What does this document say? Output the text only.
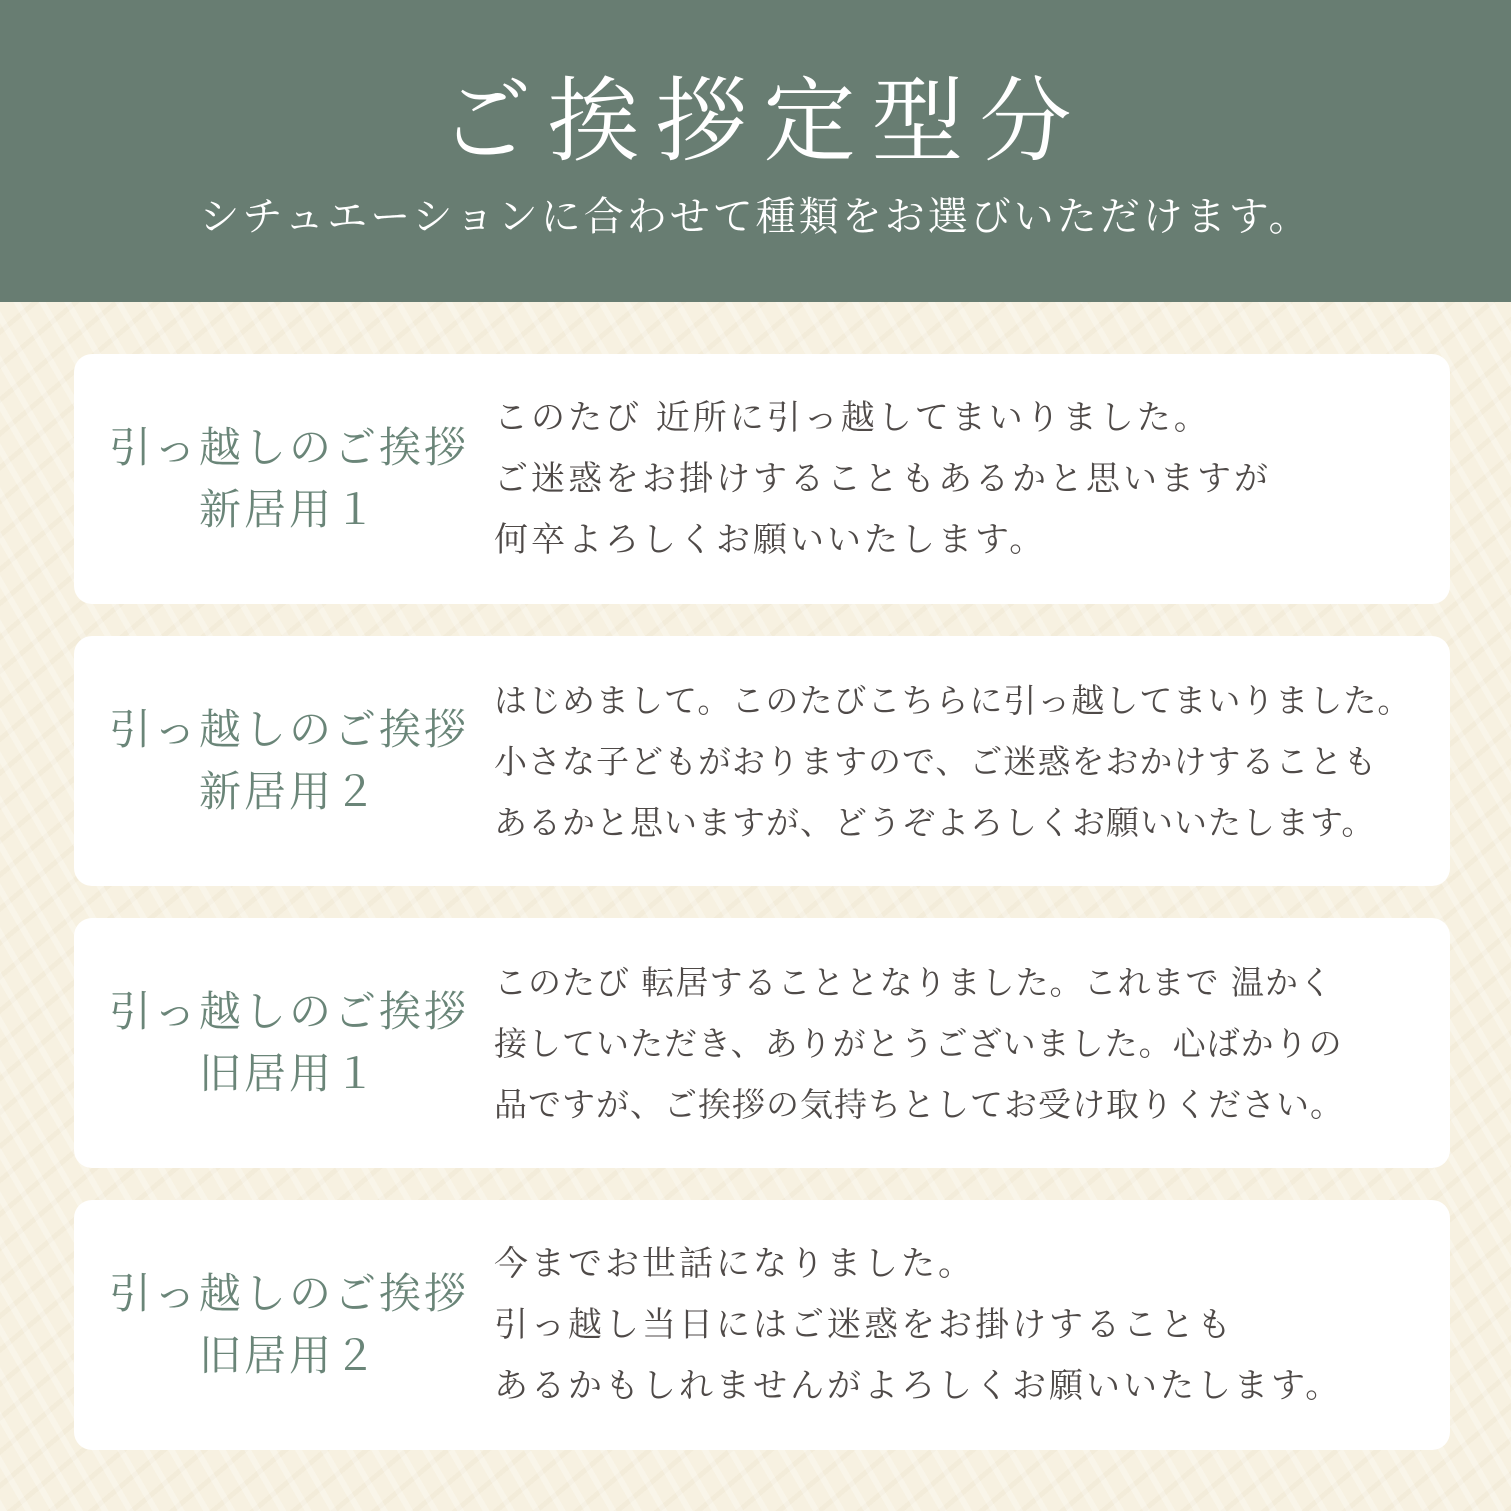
ご挨拶定型分

シチュエーションに合わせて種類をお選びいただけます。

引っ越しのご挨拶
新居用１
このたび 近所に引っ越してまいりました。
ご迷惑をお掛けすることもあるかと思いますが
何卒よろしくお願いいたします。
引っ越しのご挨拶
新居用２
はじめまして。このたびこちらに引っ越してまいりました。
小さな子どもがおりますので、ご迷惑をおかけすることも
あるかと思いますが、どうぞよろしくお願いいたします。
引っ越しのご挨拶
旧居用１
このたび 転居することとなりました。これまで 温かく
接していただき、ありがとうございました。心ばかりの
品ですが、ご挨拶の気持ちとしてお受け取りください。
引っ越しのご挨拶
旧居用２
今までお世話になりました。
引っ越し当日にはご迷惑をお掛けすることも
あるかもしれませんがよろしくお願いいたします。
